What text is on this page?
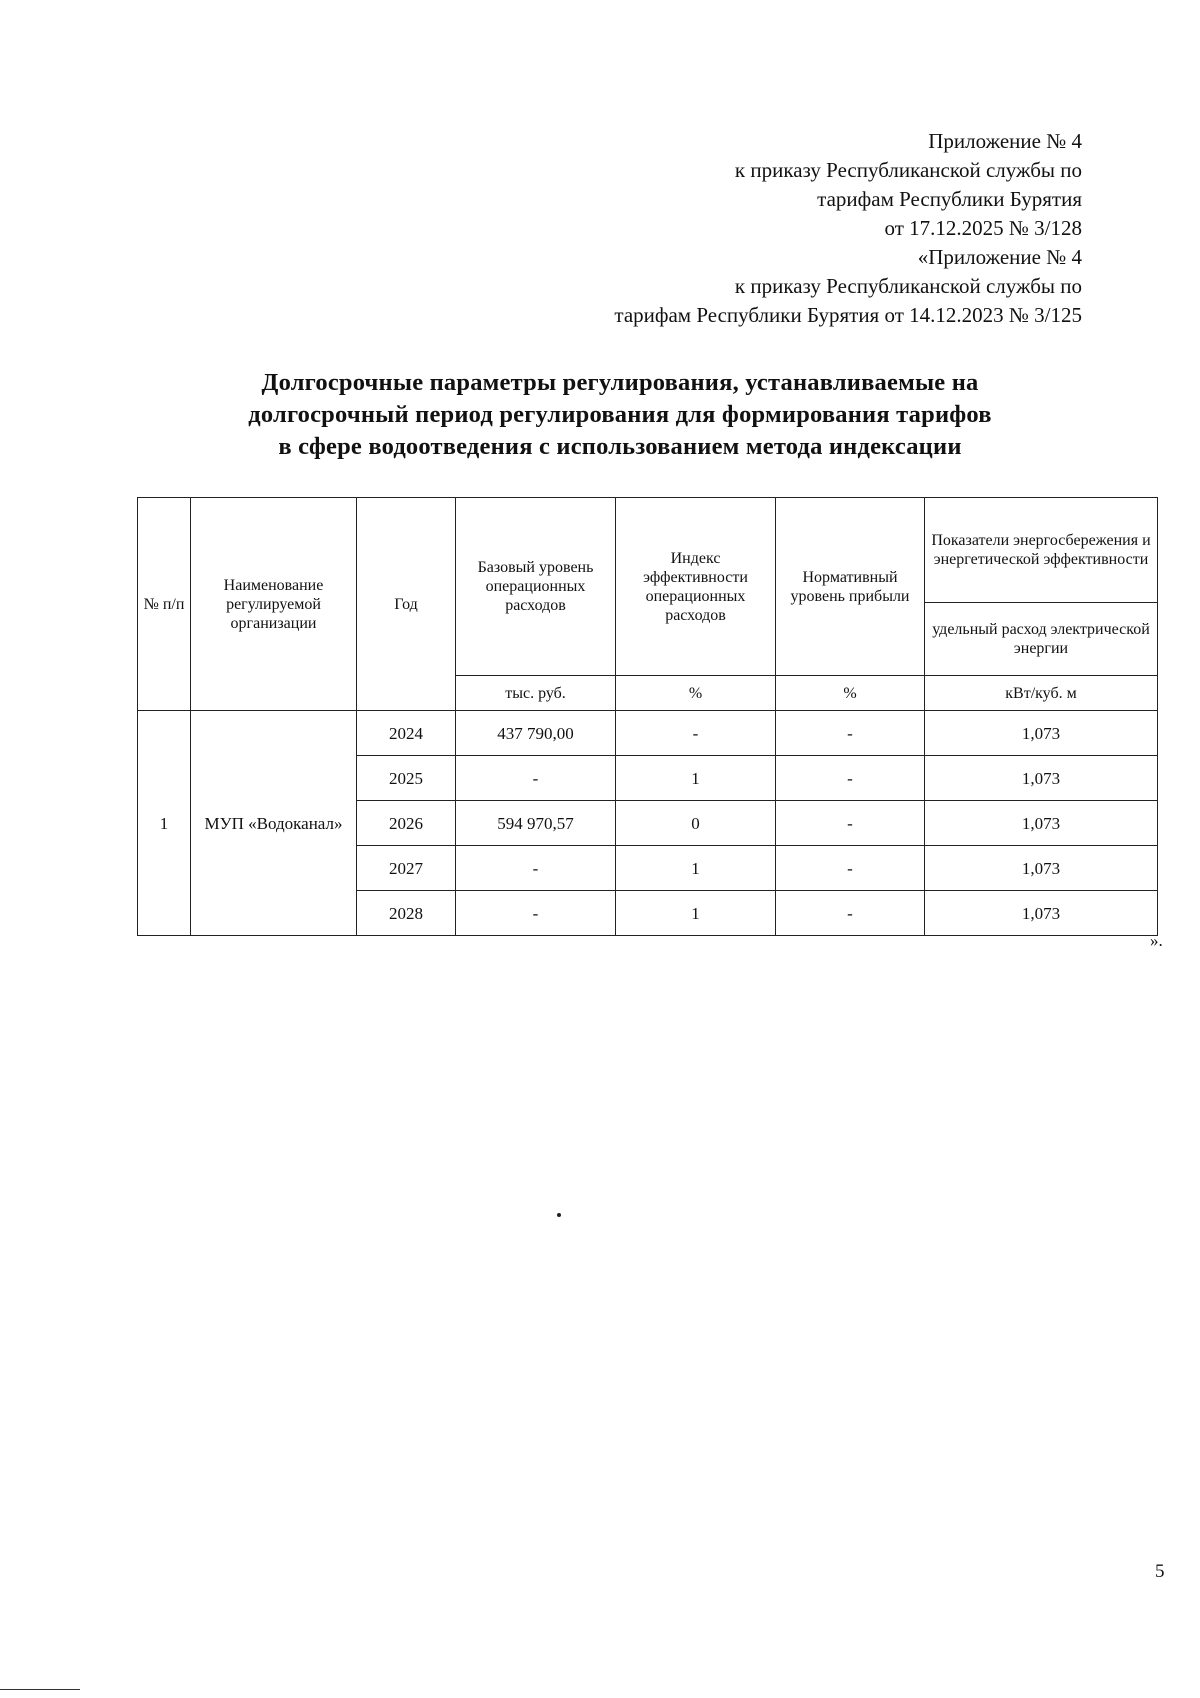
Приложение № 4
к приказу Республиканской службы по
тарифам Республики Бурятия
от 17.12.2025 № 3/128
«Приложение № 4
к приказу Республиканской службы по
тарифам Республики Бурятия от 14.12.2023 № 3/125
Долгосрочные параметры регулирования, устанавливаемые на
долгосрочный период регулирования для формирования тарифов
в сфере водоотведения с использованием метода индексации
№ п/п	Наименование регулируемой организации	Год	Базовый уровень операционных расходов	Индекс эффективности операционных расходов	Нормативный уровень прибыли	Показатели энергосбережения и энергетической эффективности
						удельный расход электрической энергии
			тыс. руб.	%	%	кВт/куб. м
1	МУП «Водоканал»	2024	437 790,00	-	-	1,073
		2025	-	1	-	1,073
		2026	594 970,57	0	-	1,073
		2027	-	1	-	1,073
		2028	-	1	-	1,073
».
5
